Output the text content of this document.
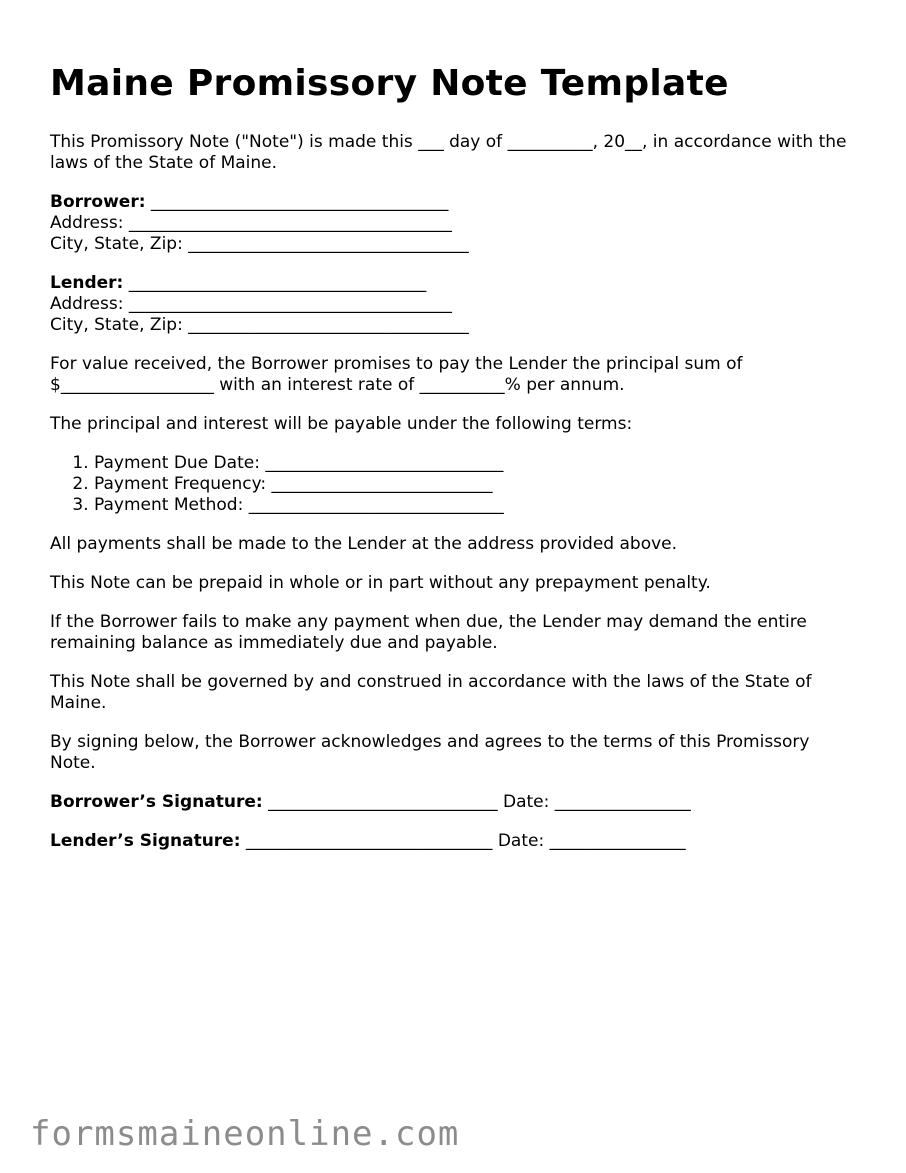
Maine Promissory Note Template

This Promissory Note ("Note") is made this ___ day of __________, 20__, in accordance with the laws of the State of Maine.

Borrower: ___________________________________
Address: ______________________________________
City, State, Zip: _________________________________
Lender: ___________________________________
Address: ______________________________________
City, State, Zip: _________________________________

For value received, the Borrower promises to pay the Lender the principal sum of $__________________ with an interest rate of __________% per annum.

The principal and interest will be payable under the following terms:

1. Payment Due Date: ____________________________
2. Payment Frequency: __________________________
3. Payment Method: ______________________________

All payments shall be made to the Lender at the address provided above.

This Note can be prepaid in whole or in part without any prepayment penalty.

If the Borrower fails to make any payment when due, the Lender may demand the entire remaining balance as immediately due and payable.

This Note shall be governed by and construed in accordance with the laws of the State of Maine.

By signing below, the Borrower acknowledges and agrees to the terms of this Promissory Note.

Borrower’s Signature: ___________________________ Date: ________________
Lender’s Signature: _____________________________ Date: ________________
formsmaineonline.com
